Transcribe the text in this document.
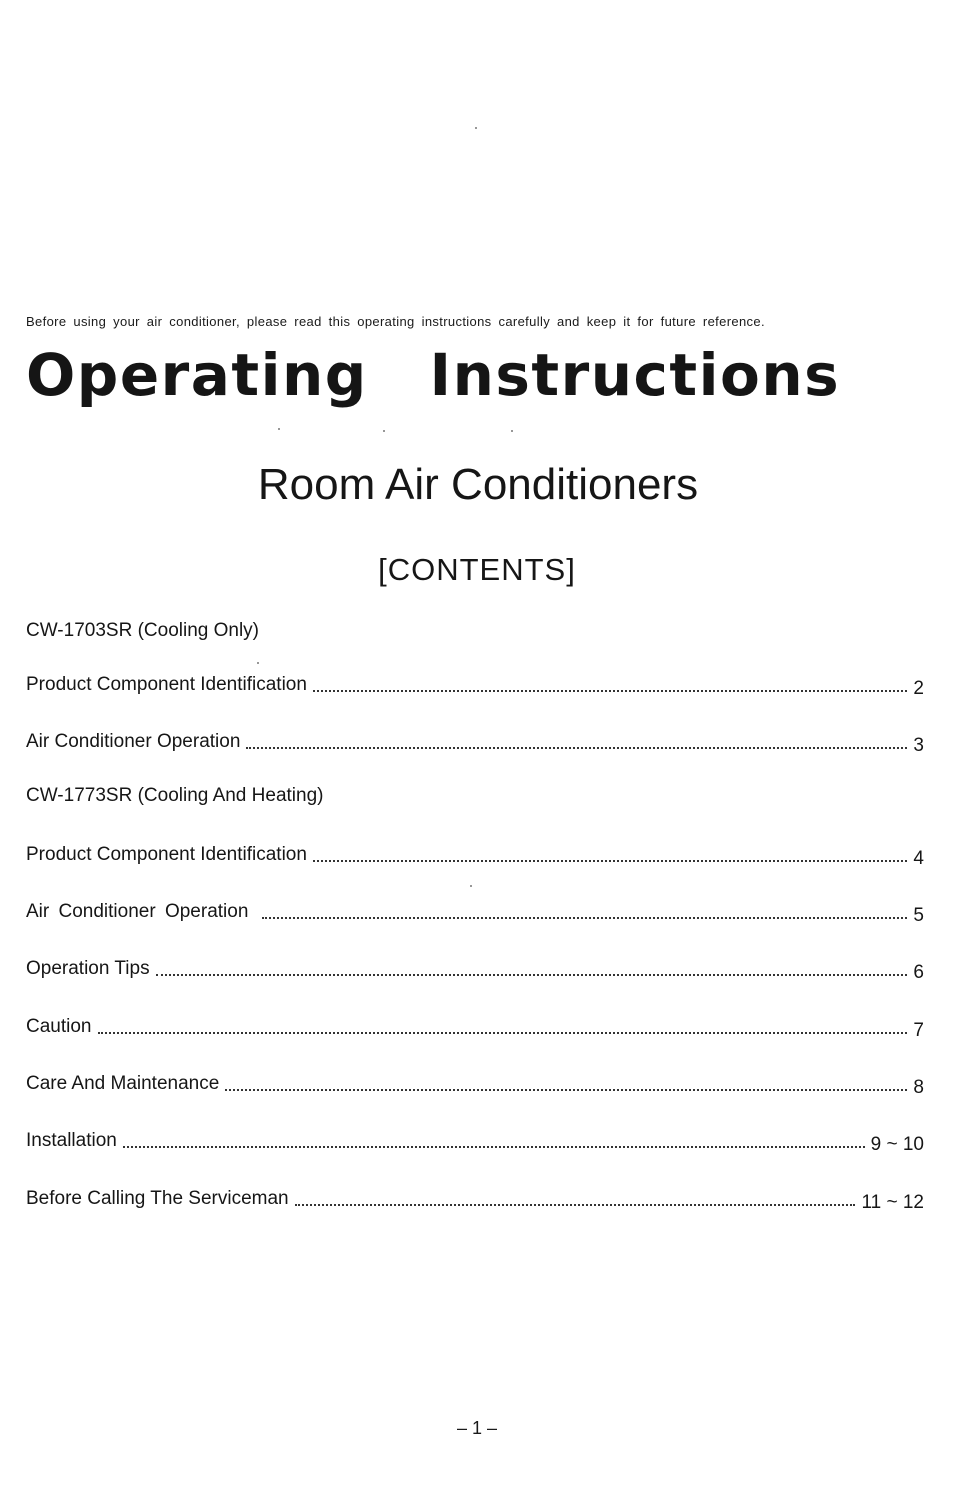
Before using your air conditioner, please read this operating instructions carefully and keep it for future reference.
Operating Instructions
Room Air Conditioners
[CONTENTS]
CW-1703SR (Cooling Only)
Product Component Identification	2
Air Conditioner Operation	3
CW-1773SR (Cooling And Heating)
Product Component Identification	4
Air Conditioner Operation	5
Operation Tips	6
Caution	7
Care And Maintenance	8
Installation	9 ~ 10
Before Calling The Serviceman	11 ~ 12
– 1 –
